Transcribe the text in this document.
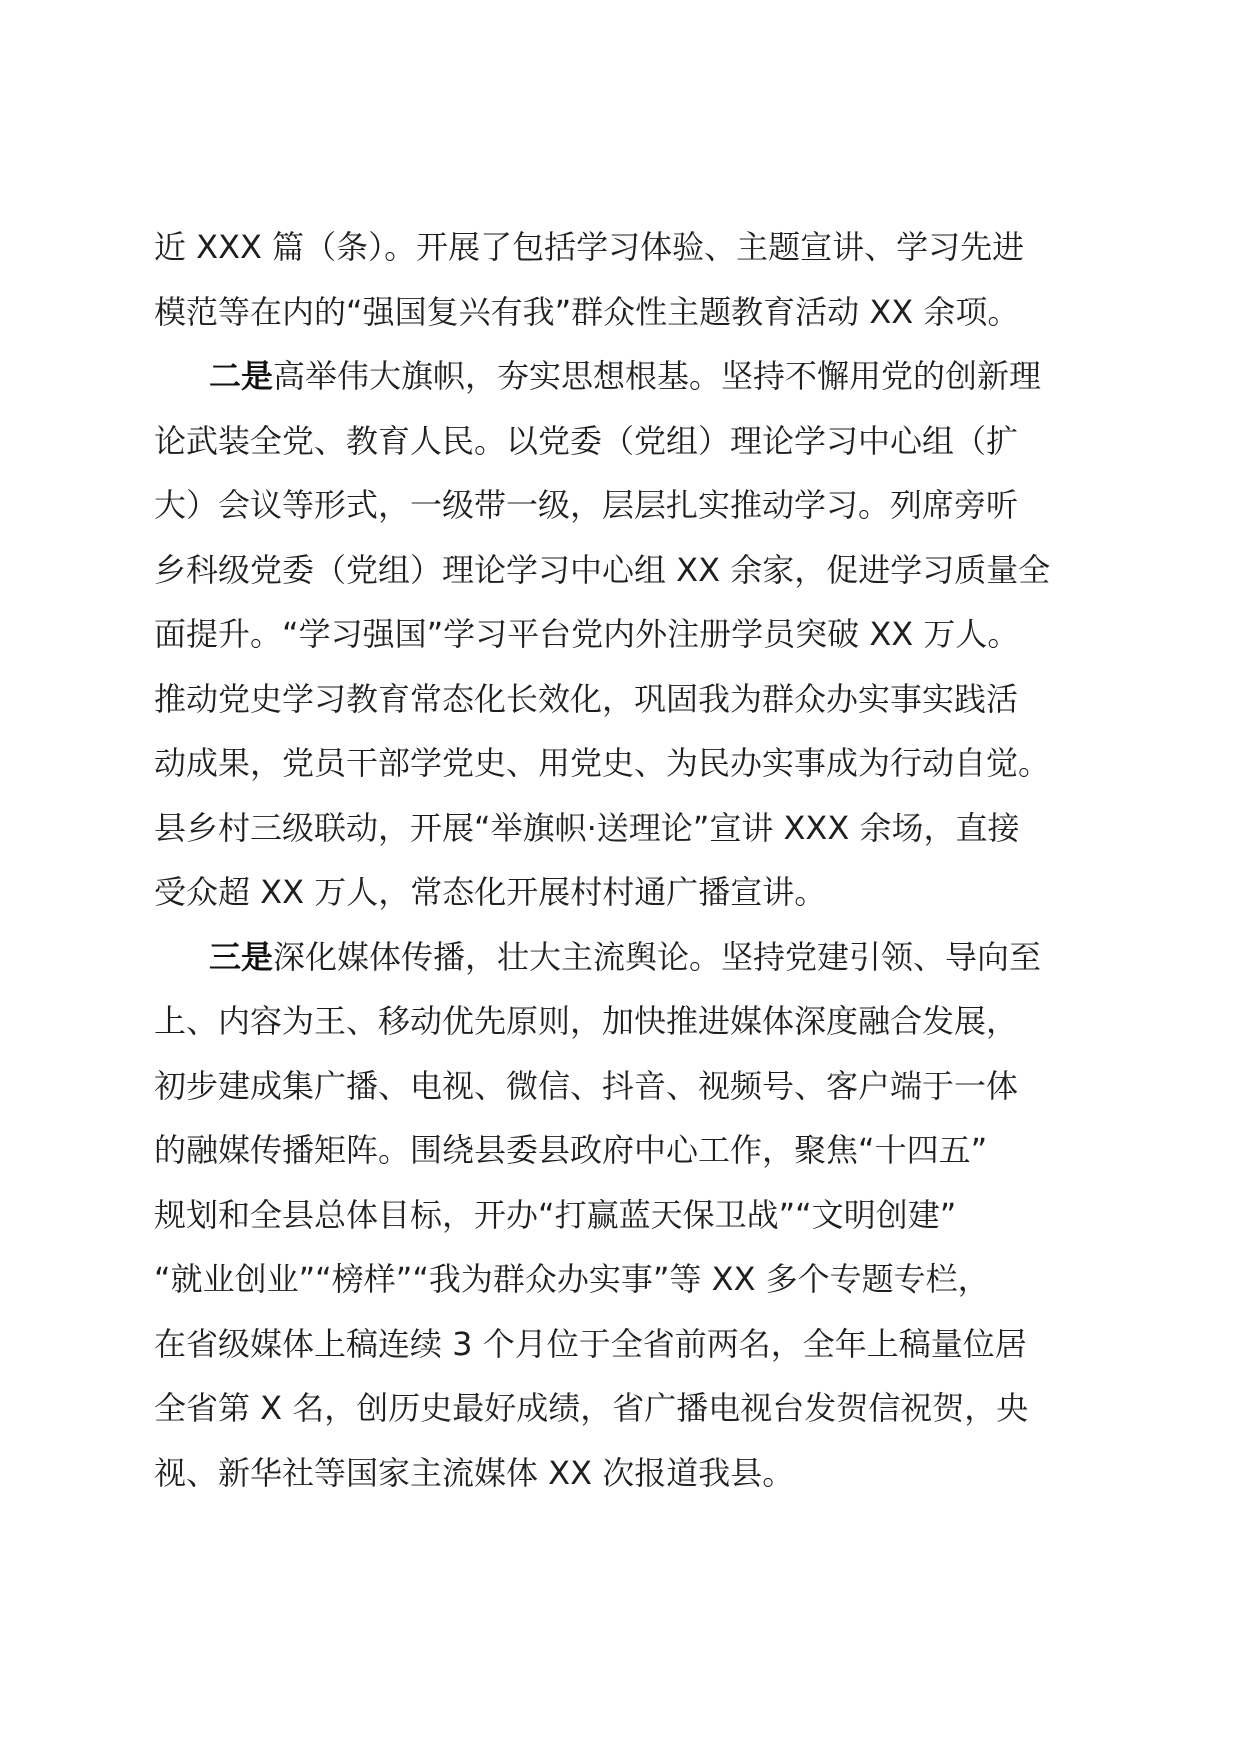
近 XXX 篇（条）。开展了包括学习体验、主题宣讲、学习先进
模范等在内的“强国复兴有我”群众性主题教育活动 XX 余项。
二是高举伟大旗帜，夯实思想根基。坚持不懈用党的创新理
论武装全党、教育人民。以党委（党组）理论学习中心组（扩
大）会议等形式，一级带一级，层层扎实推动学习。列席旁听
乡科级党委（党组）理论学习中心组 XX 余家，促进学习质量全
面提升。“学习强国”学习平台党内外注册学员突破 XX 万人。
推动党史学习教育常态化长效化，巩固我为群众办实事实践活
动成果，党员干部学党史、用党史、为民办实事成为行动自觉。
县乡村三级联动，开展“举旗帜·送理论”宣讲 XXX 余场，直接
受众超 XX 万人，常态化开展村村通广播宣讲。
三是深化媒体传播，壮大主流舆论。坚持党建引领、导向至
上、内容为王、移动优先原则，加快推进媒体深度融合发展，
初步建成集广播、电视、微信、抖音、视频号、客户端于一体
的融媒传播矩阵。围绕县委县政府中心工作，聚焦“十四五”
规划和全县总体目标，开办“打赢蓝天保卫战”“文明创建”
“就业创业”“榜样”“我为群众办实事”等 XX 多个专题专栏，
在省级媒体上稿连续 3 个月位于全省前两名，全年上稿量位居
全省第 X 名，创历史最好成绩，省广播电视台发贺信祝贺，央
视、新华社等国家主流媒体 XX 次报道我县。
